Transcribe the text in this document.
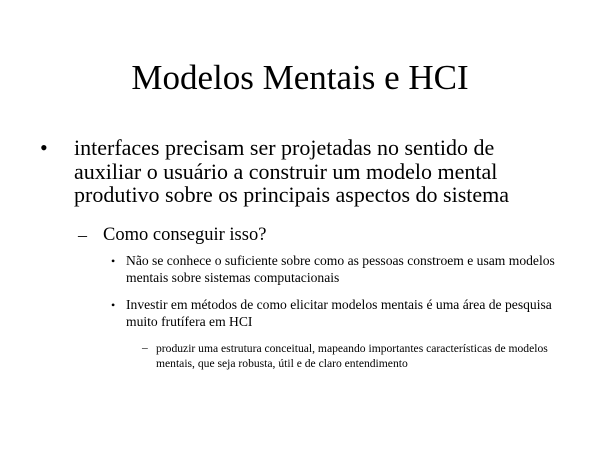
Modelos Mentais e HCI
• interfaces precisam ser projetadas no sentido de auxiliar o usuário a construir um modelo mental produtivo sobre os principais aspectos do sistema
– Como conseguir isso?
• Não se conhece o suficiente sobre como as pessoas constroem e usam modelos mentais sobre sistemas computacionais
• Investir em métodos de como elicitar modelos mentais é uma área de pesquisa muito frutífera em HCI
– produzir uma estrutura conceitual, mapeando importantes características de modelos mentais, que seja robusta, útil e de claro entendimento
